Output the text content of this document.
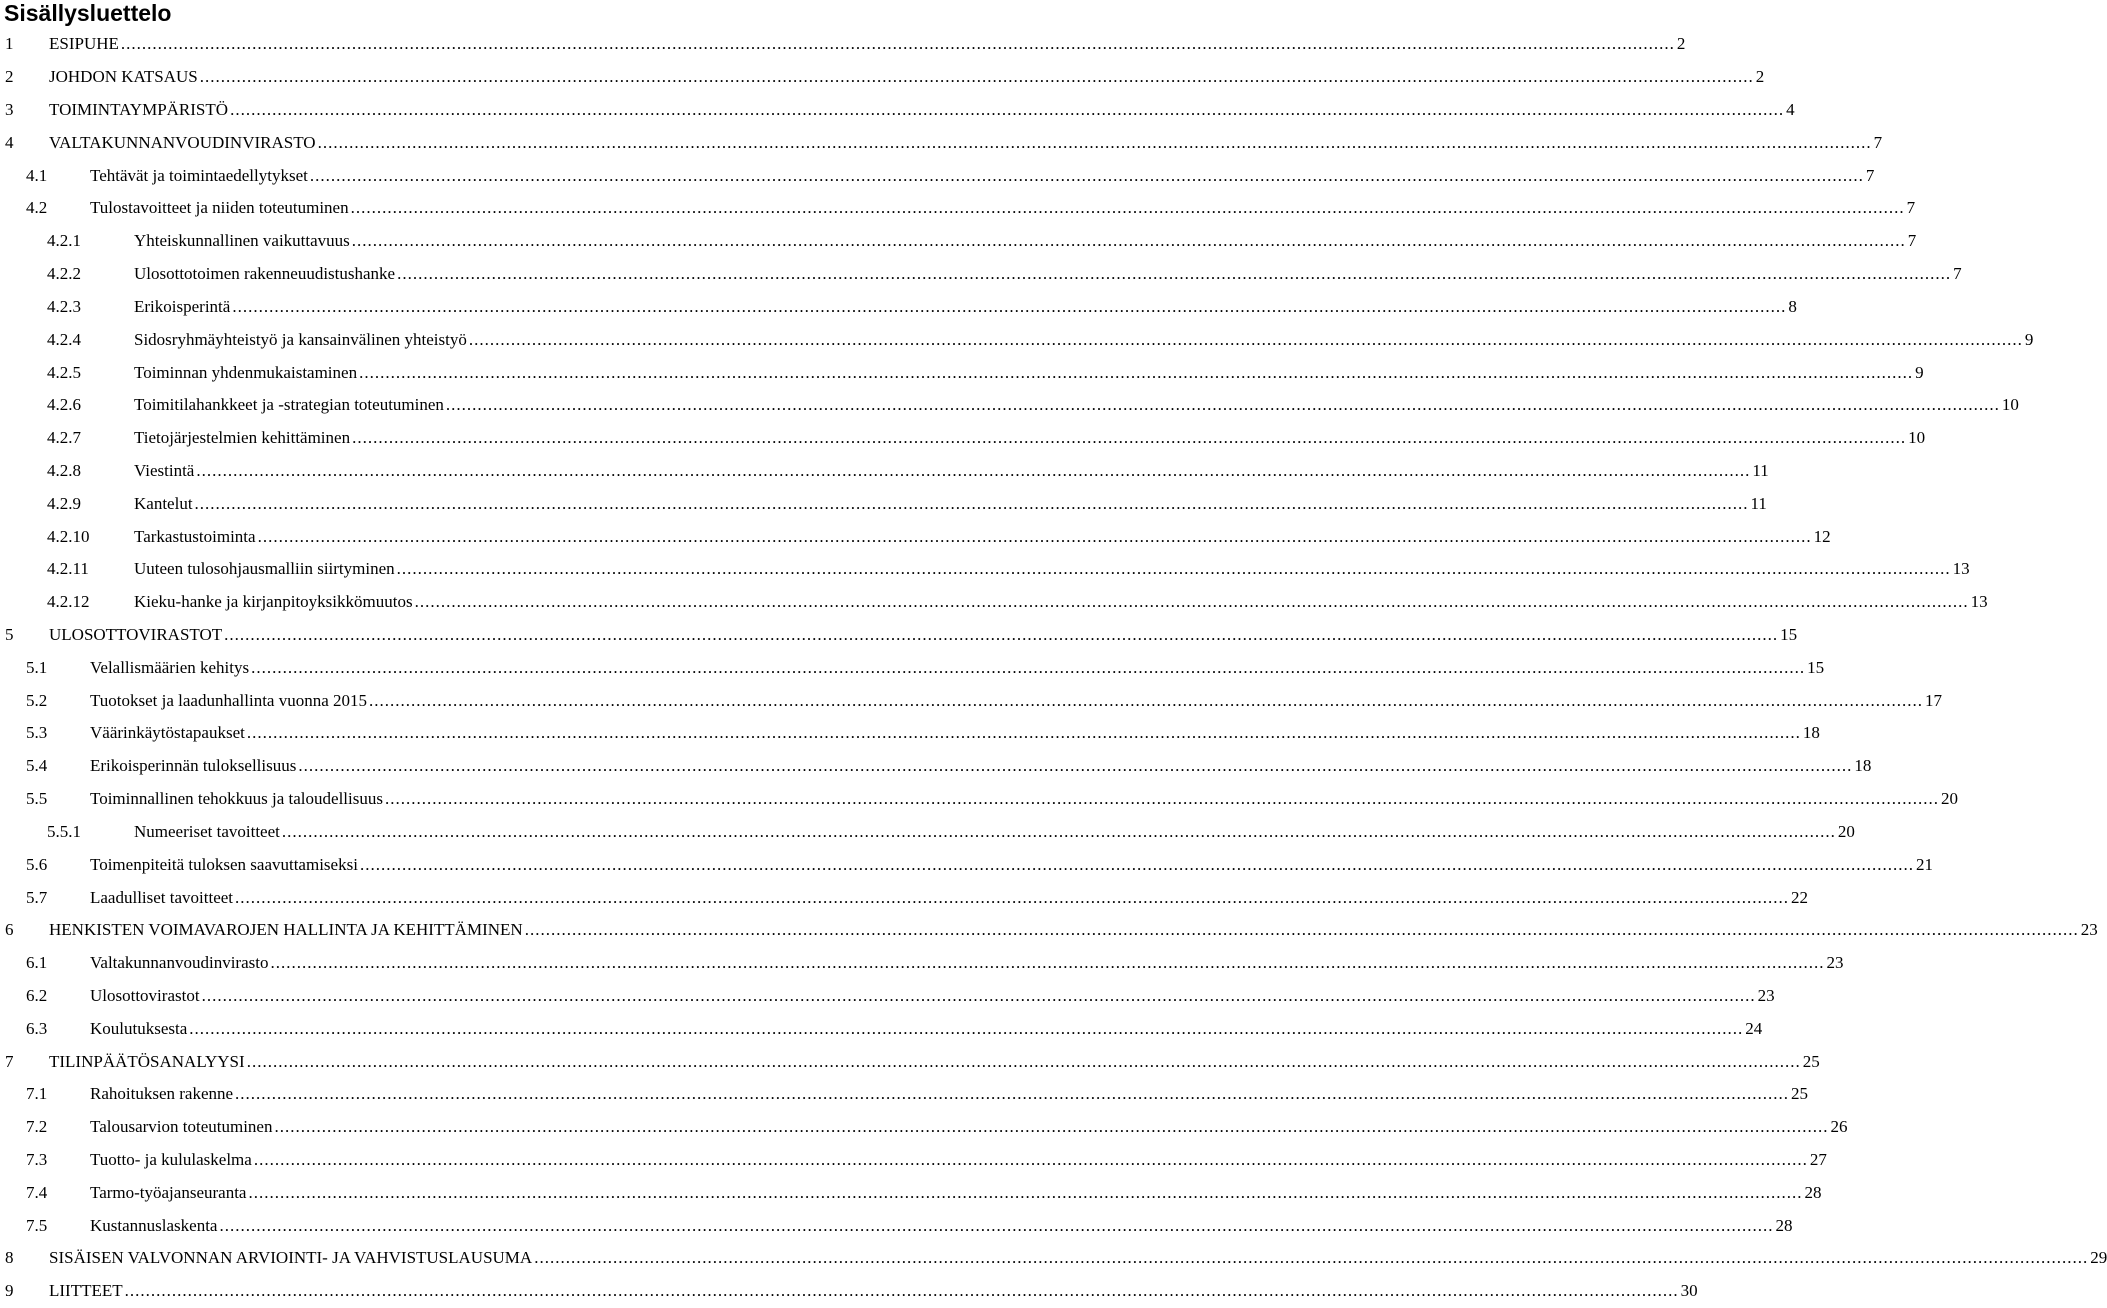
Sisällysluettelo
1 ESIPUHE .....	2
2 JOHDON KATSAUS .....	2
3 TOIMINTAYMPÄRISTÖ .....	4
4 VALTAKUNNANVOUDINVIRASTO .....	7
4.1	Tehtävät ja toimintaedellytykset .....	7
4.2	Tulostavoitteet ja niiden toteutuminen .....	7
4.2.1	Yhteiskunnallinen vaikuttavuus .....	7
4.2.2	Ulosottotoimen rakenneuudistushanke .....	7
4.2.3	Erikoisperintä .....	8
4.2.4	Sidosryhmäyhteistyö ja kansainvälinen yhteistyö .....	9
4.2.5	Toiminnan yhdenmukaistaminen .....	9
4.2.6	Toimitilahankkeet ja -strategian toteutuminen .....	10
4.2.7	Tietojärjestelmien kehittäminen .....	10
4.2.8	Viestintä .....	11
4.2.9	Kantelut .....	11
4.2.10	Tarkastustoiminta .....	12
4.2.11	Uuteen tulosohjausmalliin siirtyminen .....	13
4.2.12	Kieku-hanke ja kirjanpitoyksikkömuutos .....	13
5 ULOSOTTOVIRASTOT .....	15
5.1	Velallismäärien kehitys .....	15
5.2	Tuotokset ja laadunhallinta vuonna 2015 .....	17
5.3	Väärinkäytöstapaukset .....	18
5.4	Erikoisperinnän tuloksellisuus .....	18
5.5	Toiminnallinen tehokkuus ja taloudellisuus .....	20
5.5.1	Numeeriset tavoitteet .....	20
5.6	Toimenpiteitä tuloksen saavuttamiseksi .....	21
5.7	Laadulliset tavoitteet .....	22
6 HENKISTEN VOIMAVAROJEN HALLINTA JA KEHITTÄMINEN .....	23
6.1	Valtakunnanvoudinvirasto .....	23
6.2	Ulosottovirastot .....	23
6.3	Koulutuksesta .....	24
7 TILINPÄÄTÖSANALYYSI .....	25
7.1	Rahoituksen rakenne .....	25
7.2	Talousarvion toteutuminen .....	26
7.3	Tuotto- ja kululaskelma .....	27
7.4	Tarmo-työajanseuranta .....	28
7.5	Kustannuslaskenta .....	28
8 SISÄISEN VALVONNAN ARVIOINTI- JA VAHVISTUSLAUSUMA .....	29
9 LIITTEET .....	30
